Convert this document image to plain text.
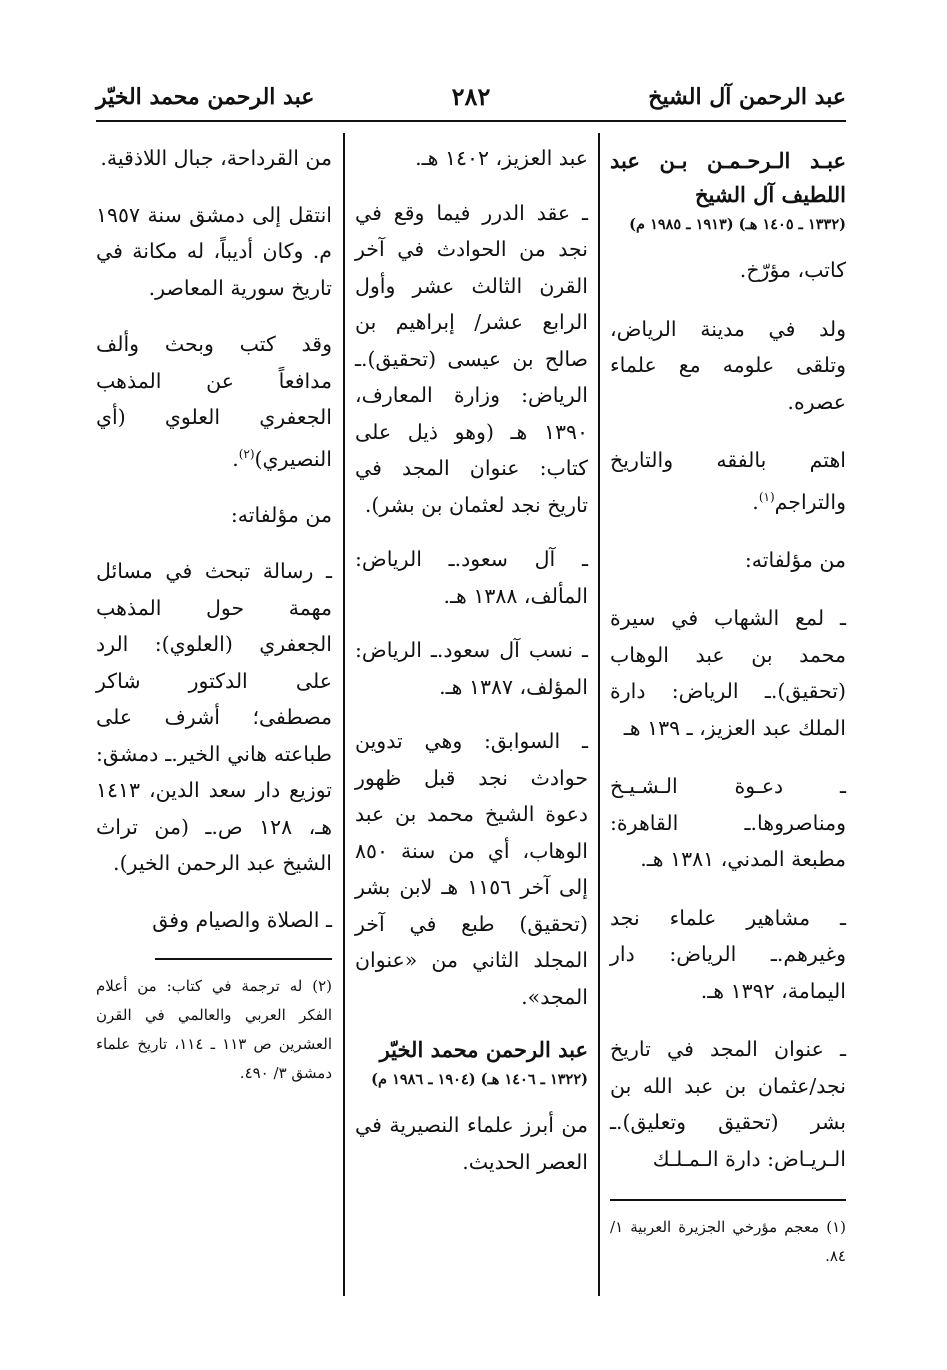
عبد الرحمن آل الشيخ
٢٨٢
عبد الرحمن محمد الخيّر
عبـد الـرحـمـن بـن عبد اللطيف آل الشيخ
(١٣٣٢ ـ ١٤٠٥ هـ) (١٩١٣ ـ ١٩٨٥ م)
كاتب، مؤرّخ.
ولد في مدينة الرياض، وتلقى علومه مع علماء عصره.
اهتم بالفقه والتاريخ والتراجم$^{(١)}$.
من مؤلفاته:
ـ لمع الشهاب في سيرة محمد بن عبد الوهاب (تحقيق).ـ الرياض: دارة الملك عبد العزيز، ـ ١٣٩ هـ
ـ دعـوة الـشـيـخ ومناصروها.ـ القاهرة: مطبعة المدني، ١٣٨١ هـ.
ـ مشاهير علماء نجد وغيرهم.ـ الرياض: دار اليمامة، ١٣٩٢ هـ.
ـ عنوان المجد في تاريخ نجد/عثمان بن عبد الله بن بشر (تحقيق وتعليق).ـ الـريـاض: دارة الـمـلـك
(١) معجم مؤرخي الجزيرة العربية ١/ ٨٤.
عبد العزيز، ١٤٠٢ هـ.
ـ عقد الدرر فيما وقع في نجد من الحوادث في آخر القرن الثالث عشر وأول الرابع عشر/ إبراهيم بن صالح بن عيسى (تحقيق).ـ الرياض: وزارة المعارف، ١٣٩٠ هـ (وهو ذيل على كتاب: عنوان المجد في تاريخ نجد لعثمان بن بشر).
ـ آل سعود.ـ الرياض: المألف، ١٣٨٨ هـ.
ـ نسب آل سعود.ـ الرياض: المؤلف، ١٣٨٧ هـ.
ـ السوابق: وهي تدوين حوادث نجد قبل ظهور دعوة الشيخ محمد بن عبد الوهاب، أي من سنة ٨٥٠ إلى آخر ١١٥٦ هـ لابن بشر (تحقيق) طبع في آخر المجلد الثاني من «عنوان المجد».
عبد الرحمن محمد الخيّر
(١٣٢٢ ـ ١٤٠٦ هـ) (١٩٠٤ ـ ١٩٨٦ م)
من أبرز علماء النصيرية في العصر الحديث.
من القرداحة، جبال اللاذقية.
انتقل إلى دمشق سنة ١٩٥٧ م. وكان أديباً، له مكانة في تاريخ سورية المعاصر.
وقد كتب وبحث وألف مدافعاً عن المذهب الجعفري العلوي (أي النصيري)$^{(٢)}$.
من مؤلفاته:
ـ رسالة تبحث في مسائل مهمة حول المذهب الجعفري (العلوي): الرد على الدكتور شاكر مصطفى؛ أشرف على طباعته هاني الخير.ـ دمشق: توزيع دار سعد الدين، ١٤١٣ هـ، ١٢٨ ص.ـ (من تراث الشيخ عبد الرحمن الخير).
ـ الصلاة والصيام وفق
(٢) له ترجمة في كتاب: من أعلام الفكر العربي والعالمي في القرن العشرين ص ١١٣ ـ ١١٤، تاريخ علماء دمشق ٣/ ٤٩٠.
